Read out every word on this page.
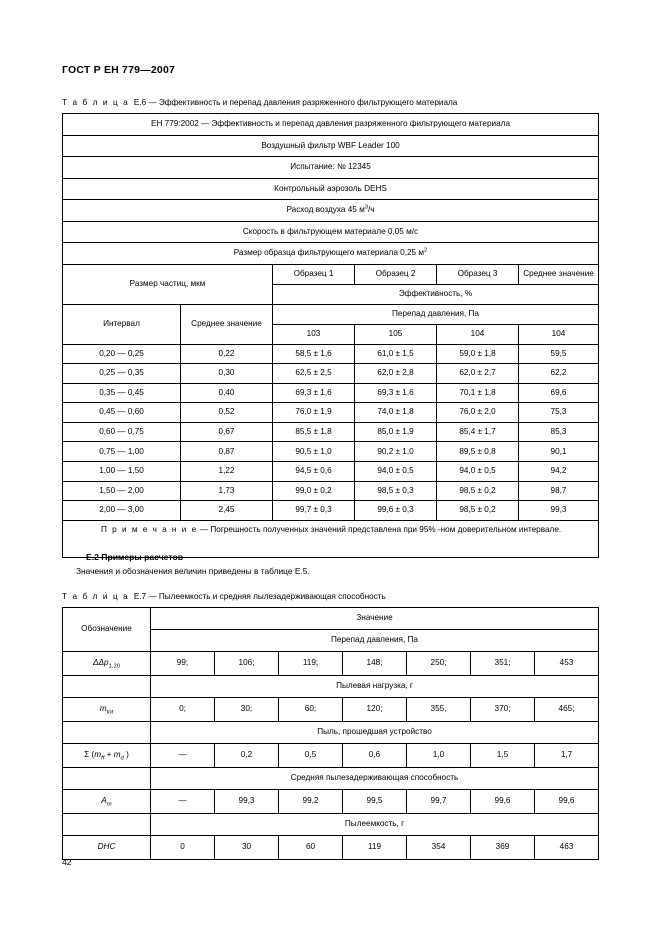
ГОСТ Р ЕН 779—2007
Т а б л и ц а Е.6 — Эффективность и перепад давления разряженного фильтрующего материала
ЕН 779:2002 — Эффективность и перепад давления разряженного фильтрующего материала					
Воздушный фильтр WBF Leader 100					
Испытание: № 12345					
Контрольный аэрозоль DEHS					
Расход воздуха 45 $м^3/ч$					
Скорость в фильтрующем материале 0,05 м/с					
Размер образца фильтрующего материала 0,25 $м^2$
Размер частиц, мкм		Образец 1	Образец 2	Образец 3	Среднее значение
		Эффективность, %			
Интервал	Среднее значение	Перепад давления, Па			
		103	105	104	104
0,20 — 0,25	0,22	58,5 ± 1,6	61,0 ± 1,5	59,0 ± 1,8	59,5
0,25 — 0,35	0,30	62,5 ± 2,5	62,0 ± 2,8	62,0 ± 2,7	62,2
0,35 — 0,45	0,40	69,3 ± 1,6	69,3 ± 1,6	70,1 ± 1,8	69,6
0,45 — 0,60	0,52	76,0 ± 1,9	74,0 ± 1,8	76,0 ± 2,0	75,3
0,60 — 0,75	0,67	85,5 ± 1,8	85,0 ± 1,9	85,4 ± 1,7	85,3
0,75 — 1,00	0,87	90,5 ± 1,0	90,2 ± 1,0	89,5 ± 0,8	90,1
1,00 — 1,50	1,22	94,5 ± 0,6	94,0 ± 0,5	94,0 ± 0,5	94,2
1,50 — 2,00	1,73	99,0 ± 0,2	98,5 ± 0,3	98,5 ± 0,2	98,7
2,00 — 3,00	2,45	99,7 ± 0,3	99,6 ± 0,3	98,5 ± 0,2	99,3
П р и м е ч а н и е — Погрешность полученных значений представлена при 95% -ном доверительном интервале.					
Е.2 Примеры расчетов
Значения и обозначения величин приведены в таблице Е.5.
Т а б л и ц а Е.7 — Пылеемкость и средняя лылезадерживающая способность
Обозначение	Значение						
	Перепад давления, Па						
ΔΔp$_{1,20}$	99;	106;	119;	148;	250;	351;	453
	Пылевая нагрузка, г						
$m_{tot}$	0;	30;	60;	120;	355,	370;	465;
	Пыль, прошедшая устройство						
Σ ($m_{ff} + m_d$ )	—	0,2	0,5	0,6	1,0	1,5	1,7
	Средняя пылезадерживающая способность						
$A_m$	—	99,3	99,2	99,5	99,7	99,6	99,6
	Пылеемкость, г						
DHC	0	30	60	119	354	369	463
42
